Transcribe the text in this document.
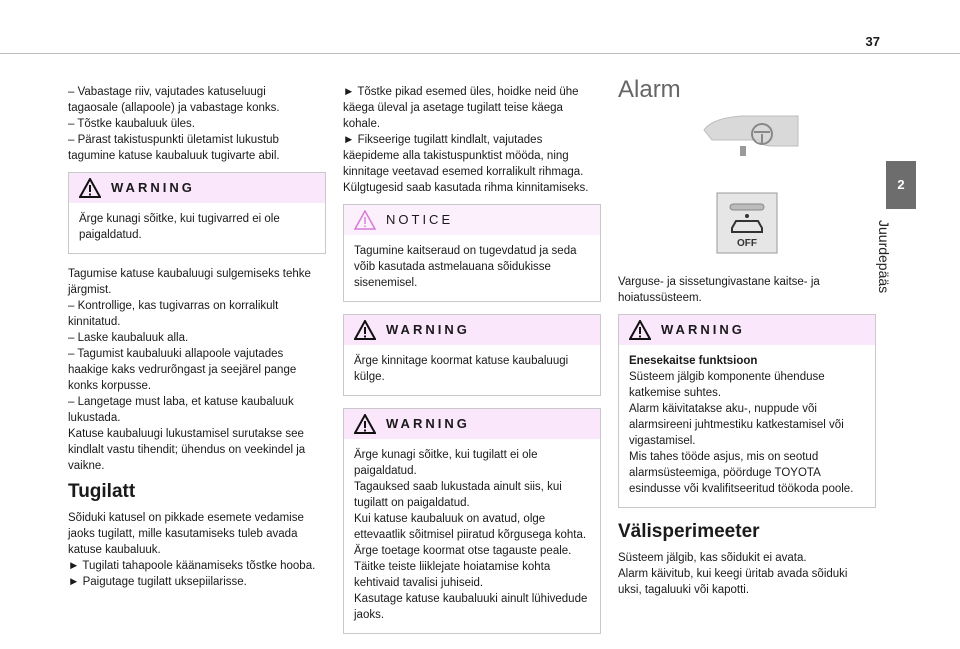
37
2
Juurdepääs

– Vabastage riiv, vajutades katuseluugi
tagaosale (allapoole) ja vabastage konks.
– Tõstke kaubaluuk üles.
– Pärast takistuspunkti ületamist lukustub
tagumine katuse kaubaluuk tugivarte abil.

WARNING
Ärge kunagi sõitke, kui tugivarred ei ole
paigaldatud.

Tagumise katuse kaubaluugi sulgemiseks tehke
järgmist.
– Kontrollige, kas tugivarras on korralikult
kinnitatud.
– Laske kaubaluuk alla.
– Tagumist kaubaluuki allapoole vajutades
haakige kaks vedrurõngast ja seejärel pange
konks korpusse.
– Langetage must laba, et katuse kaubaluuk
lukustada.
Katuse kaubaluugi lukustamisel surutakse see
kindlalt vastu tihendit; ühendus on veekindel ja
vaikne.

Tugilatt

Sõiduki katusel on pikkade esemete vedamise
jaoks tugilatt, mille kasutamiseks tuleb avada
katuse kaubaluuk.
► Tugilati tahapoole käänamiseks tõstke hooba.
► Paigutage tugilatt uksepiilarisse.

► Tõstke pikad esemed üles, hoidke neid ühe
käega üleval ja asetage tugilatt teise käega
kohale.
► Fikseerige tugilatt kindlalt, vajutades
käepideme alla takistuspunktist mööda, ning
kinnitage veetavad esemed korralikult rihmaga.
Külgtugesid saab kasutada rihma kinnitamiseks.

NOTICE
Tagumine kaitseraud on tugevdatud ja seda
võib kasutada astmelauana sõidukisse
sisenemisel.
WARNING
Ärge kinnitage koormat katuse kaubaluugi
külge.
WARNING
Ärge kunagi sõitke, kui tugilatt ei ole
paigaldatud.
Tagauksed saab lukustada ainult siis, kui
tugilatt on paigaldatud.
Kui katuse kaubaluuk on avatud, olge
ettevaatlik sõitmisel piiratud kõrgusega kohta.
Ärge toetage koormat otse tagauste peale.
Täitke teiste liiklejate hoiatamise kohta
kehtivaid tavalisi juhiseid.
Kasutage katuse kaubaluuki ainult lühivedude
jaoks.
Alarm
OFF

Varguse- ja sissetungivastane kaitse- ja
hoiatussüsteem.

WARNING
Enesekaitse funktsioon
Süsteem jälgib komponente ühenduse
katkemise suhtes.
Alarm käivitatakse aku-, nuppude või
alarmsireeni juhtmestiku katkestamisel või
vigastamisel.
Mis tahes tööde asjus, mis on seotud
alarmsüsteemiga, pöörduge TOYOTA
esindusse või kvalifitseeritud töökoda poole.
Välisperimeeter

Süsteem jälgib, kas sõidukit ei avata.
Alarm käivitub, kui keegi üritab avada sõiduki
uksi, tagaluuki või kapotti.
